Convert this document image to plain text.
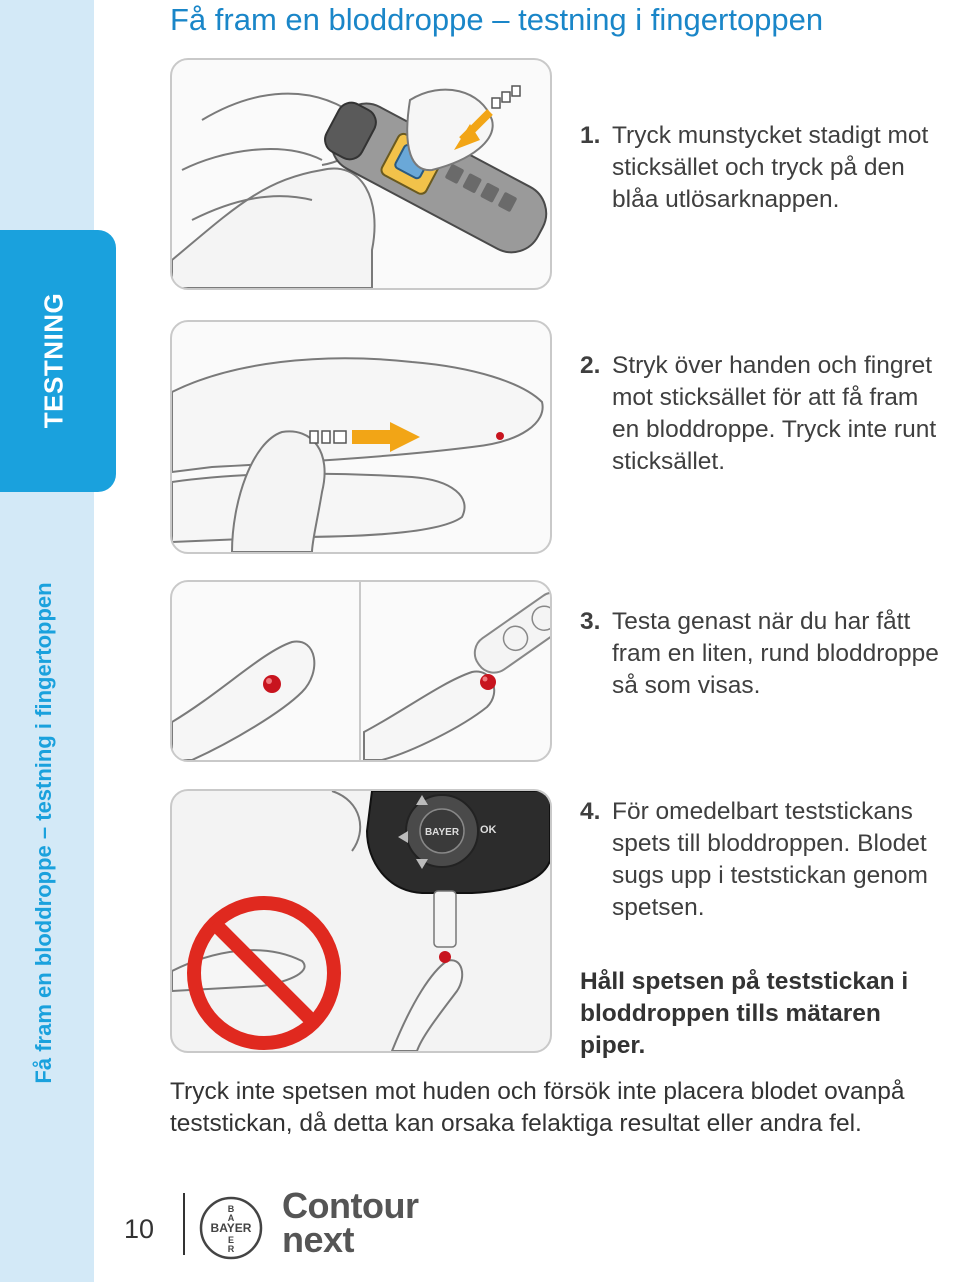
TESTNING
Få fram en bloddroppe – testning i fingertoppen
Få fram en bloddroppe – testning i fingertoppen
BAYER OK
1. Tryck munstycket stadigt mot sticksället och tryck på den blåa utlösarknappen.
2. Stryk över handen och fingret mot sticksället för att få fram en bloddroppe. Tryck inte runt sticksället.
3. Testa genast när du har fått fram en liten, rund bloddroppe så som visas.
4. För omedelbart teststickans spets till bloddroppen. Blodet sugs upp i teststickan genom spetsen.
Håll spetsen på teststickan i bloddroppen tills mätaren piper.
Tryck inte spetsen mot huden och försök inte placera blodet ovanpå teststickan, då detta kan orsaka felaktiga resultat eller andra fel.
10	BAYER
B
A
E
R
Contour
next
